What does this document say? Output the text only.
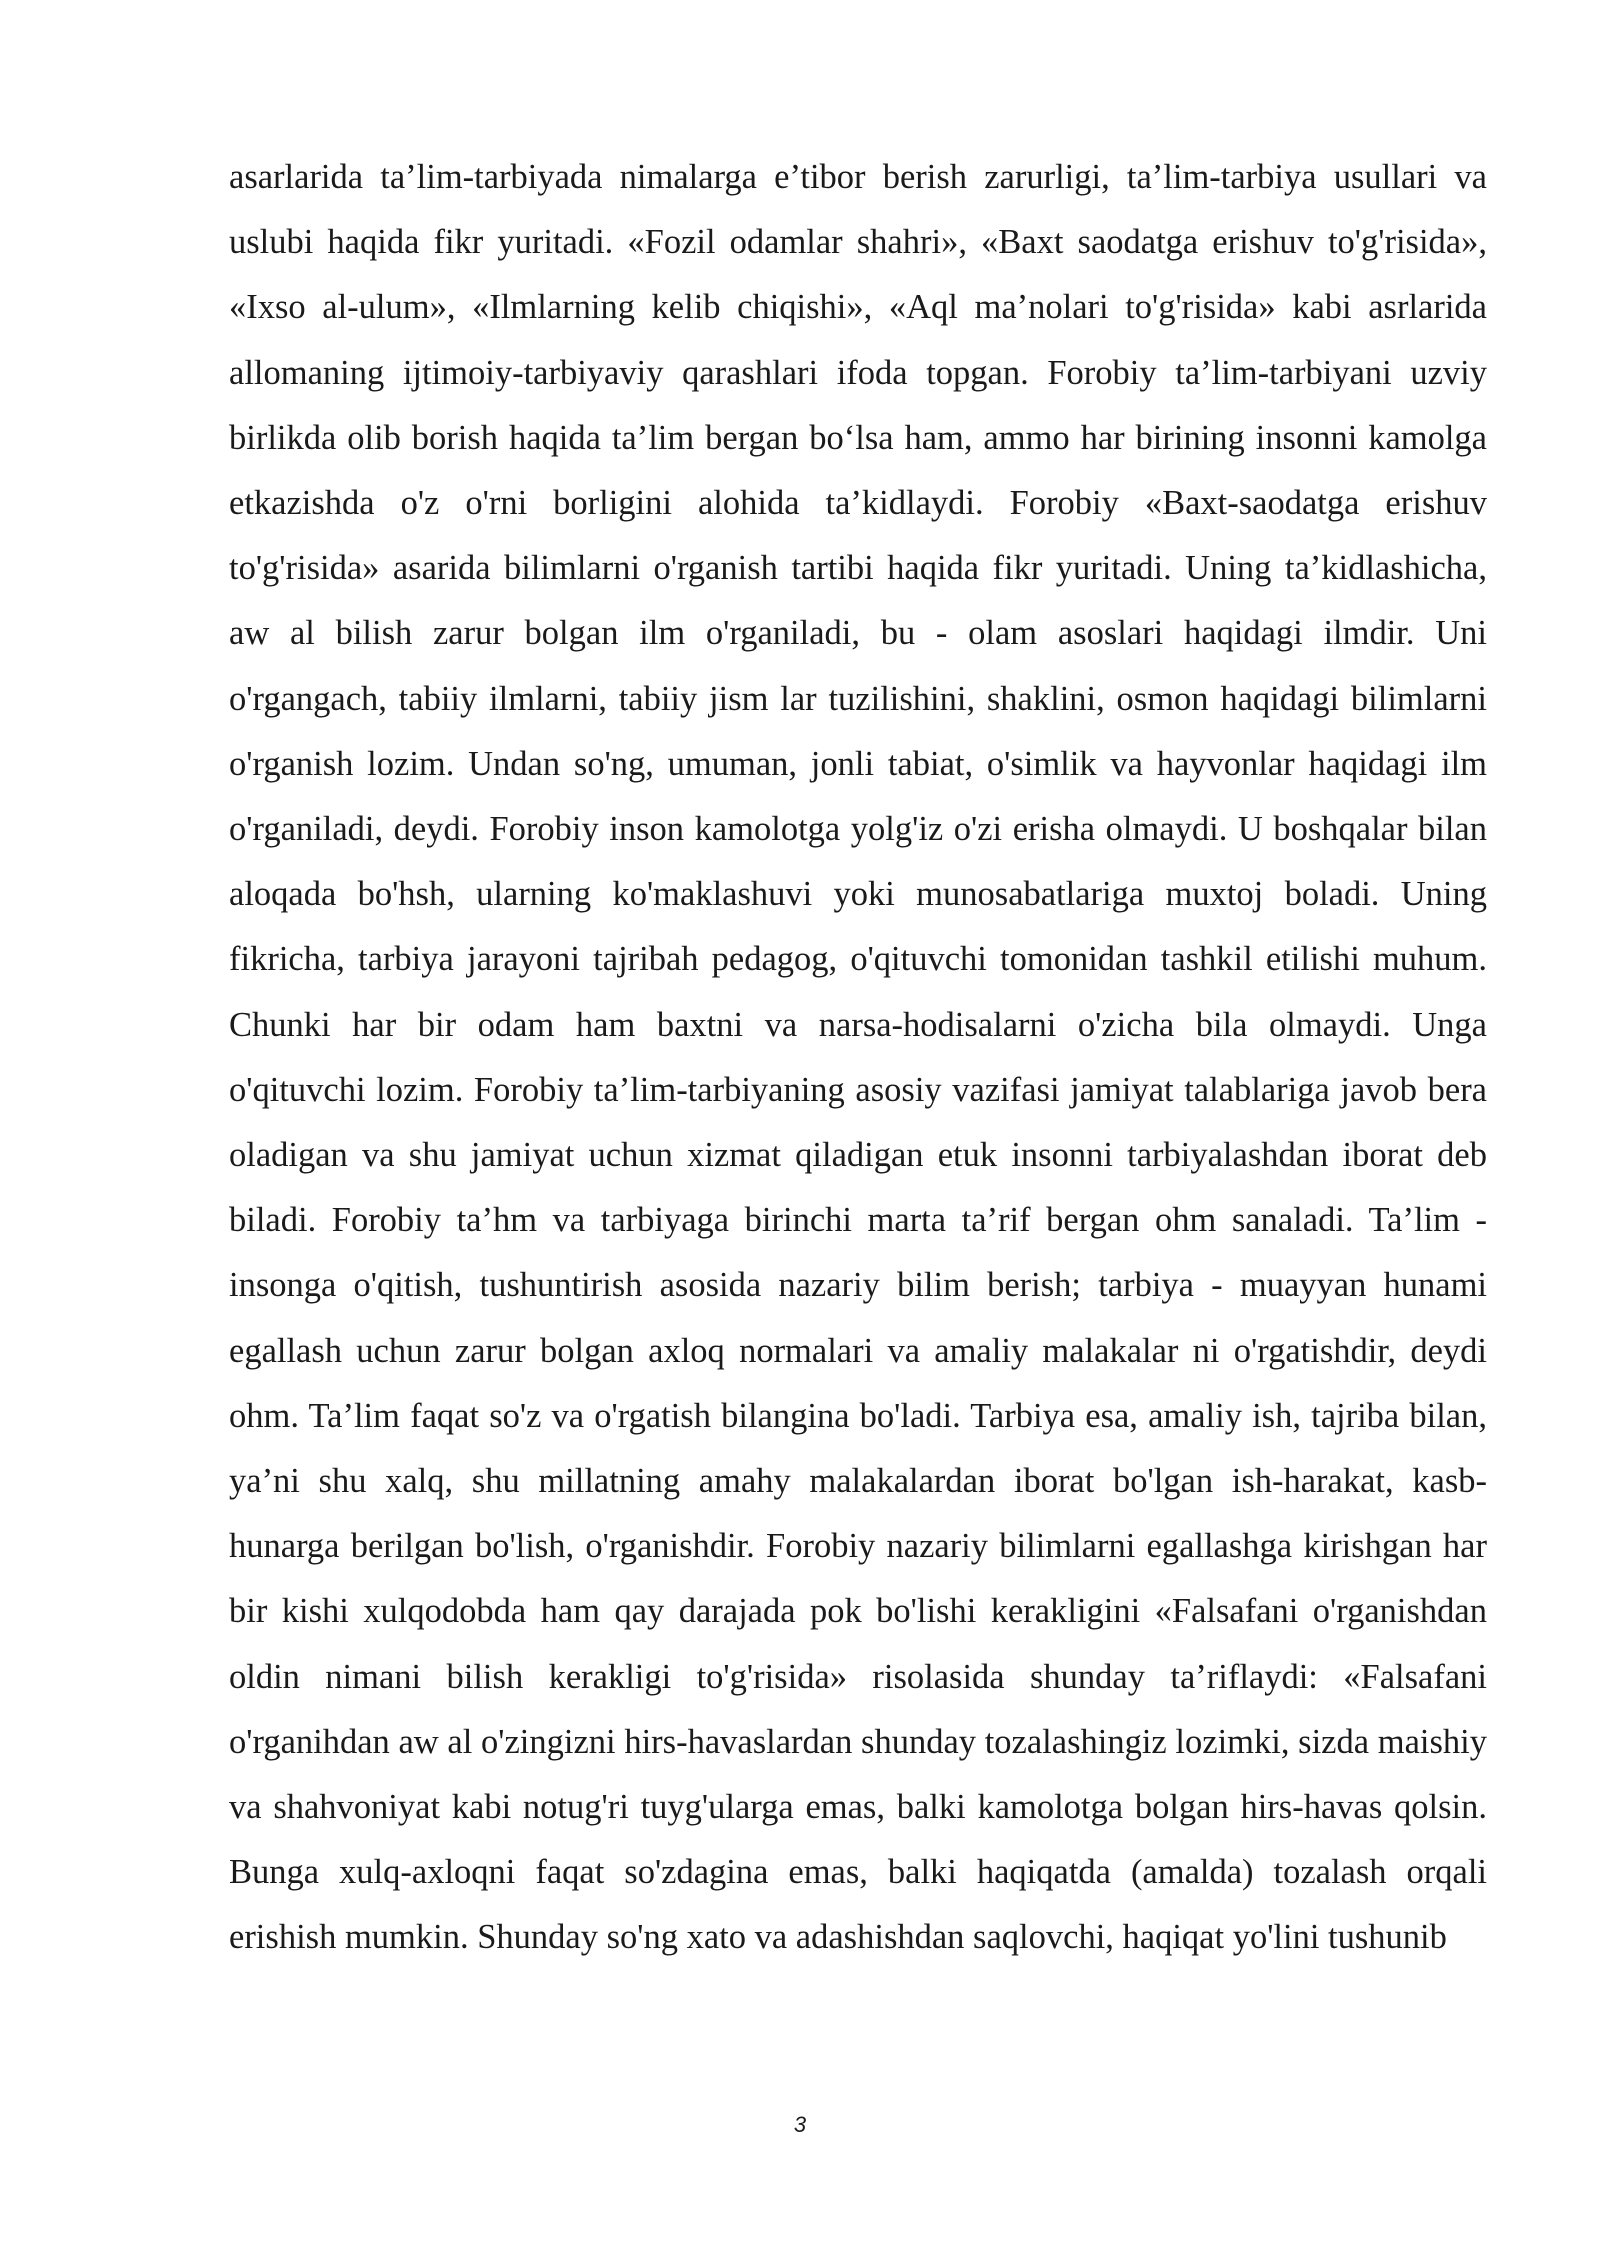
asarlarida ta’lim-tarbiyada nimalarga e’tibor berish zarurligi, ta’lim-tarbiya usullari va uslubi haqida fikr yuritadi. «Fozil odamlar shahri», «Baxt saodatga erishuv to'g'risida», «Ixso al-ulum», «Ilmlarning kelib chiqishi», «Aql ma’nolari to'g'risida» kabi asrlarida allomaning ijtimoiy-tarbiyaviy qarashlari ifoda topgan. Forobiy ta’lim-tarbiyani uzviy birlikda olib borish haqida ta’lim bergan bo‘lsa ham, ammo har birining insonni kamolga etkazishda o'z o'rni borligini alohida ta’kidlaydi. Forobiy «Baxt-saodatga erishuv to'g'risida» asarida bilimlarni o'rganish tartibi haqida fikr yuritadi. Uning ta’kidlashicha, aw al bilish zarur bolgan ilm o'rganiladi, bu - olam asoslari haqidagi ilmdir. Uni o'rgangach, tabiiy ilmlarni, tabiiy jism lar tuzilishini, shaklini, osmon haqidagi bilimlarni o'rganish lozim. Undan so'ng, umuman, jonli tabiat, o'simlik va hayvonlar haqidagi ilm o'rganiladi, deydi. Forobiy inson kamolotga yolg'iz o'zi erisha olmaydi. U boshqalar bilan aloqada bo'hsh, ularning ko'maklashuvi yoki munosabatlariga muxtoj boladi. Uning fikricha, tarbiya jarayoni tajribah pedagog, o'qituvchi tomonidan tashkil etilishi muhum. Chunki har bir odam ham baxtni va narsa-hodisalarni o'zicha bila olmaydi. Unga o'qituvchi lozim. Forobiy ta’lim-tarbiyaning asosiy vazifasi jamiyat talablariga javob bera oladigan va shu jamiyat uchun xizmat qiladigan etuk insonni tarbiyalashdan iborat deb biladi. Forobiy ta’hm va tarbiyaga birinchi marta ta’rif bergan ohm sanaladi. Ta’lim - insonga o'qitish, tushuntirish asosida nazariy bilim berish; tarbiya - muayyan hunami egallash uchun zarur bolgan axloq normalari va amaliy malakalar ni o'rgatishdir, deydi ohm. Ta’lim faqat so'z va o'rgatish bilangina bo'ladi. Tarbiya esa, amaliy ish, tajriba bilan, ya’ni shu xalq, shu millatning amahy malakalardan iborat bo'lgan ish-harakat, kasb-hunarga berilgan bo'lish, o'rganishdir. Forobiy nazariy bilimlarni egallashga kirishgan har bir kishi xulqodobda ham qay darajada pok bo'lishi kerakligini «Falsafani o'rganishdan oldin nimani bilish kerakligi to'g'risida» risolasida shunday ta’riflaydi: «Falsafani o'rganihdan aw al o'zingizni hirs-havaslardan shunday tozalashingiz lozimki, sizda maishiy va shahvoniyat kabi notug'ri tuyg'ularga emas, balki kamolotga bolgan hirs-havas qolsin. Bunga xulq-axloqni faqat so'zdagina emas, balki haqiqatda (amalda) tozalash orqali erishish mumkin. Shunday so'ng xato va adashishdan saqlovchi, haqiqat yo'lini tushunib

3
